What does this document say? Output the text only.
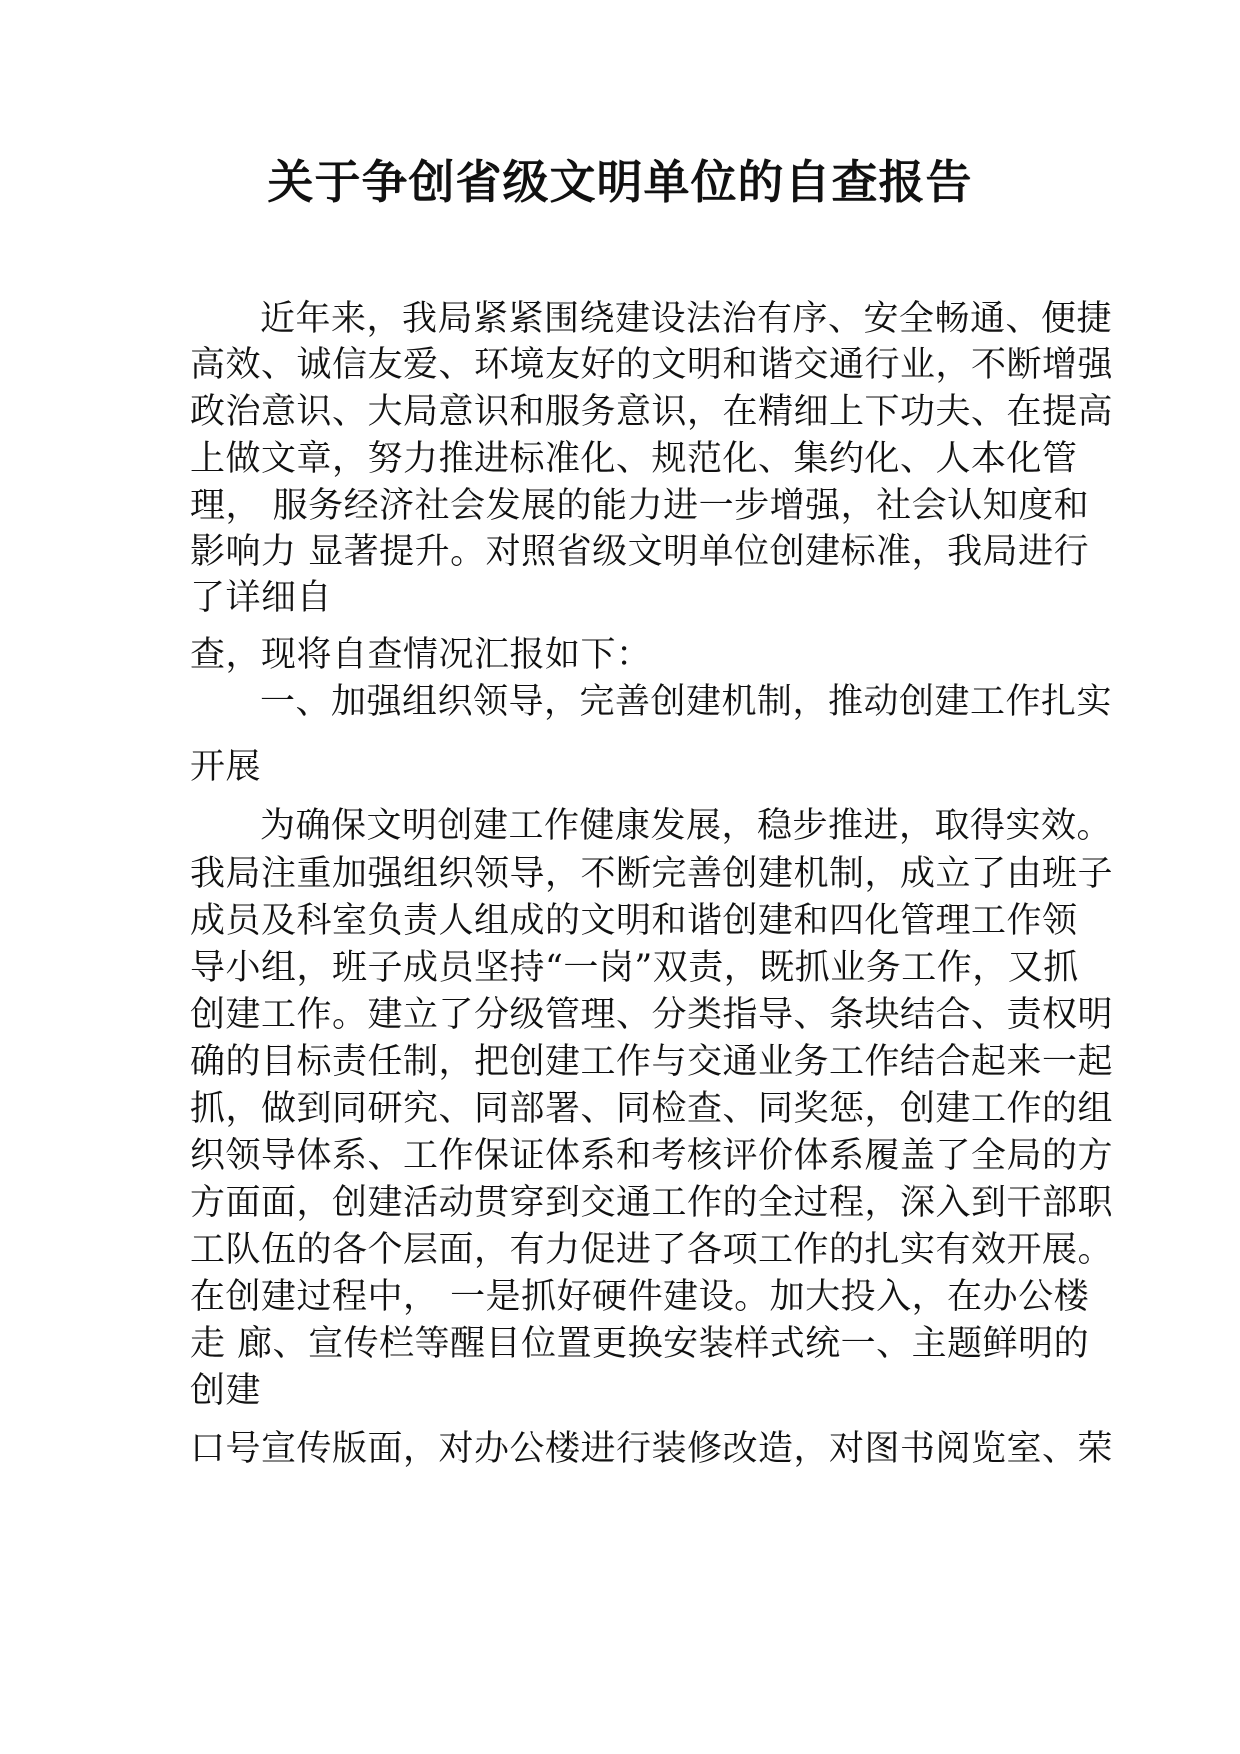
关于争创省级文明单位的自查报告

近年来，我局紧紧围绕建设法治有序、安全畅通、便捷

高效、诚信友爱、环境友好的文明和谐交通行业，不断增强

政治意识、大局意识和服务意识，在精细上下功夫、在提高

上做文章，努力推进标准化、规范化、集约化、人本化管

理， 服务经济社会发展的能力进一步增强，社会认知度和

影响力 显著提升。对照省级文明单位创建标准，我局进行

了详细自

查，现将自查情况汇报如下：

一、加强组织领导，完善创建机制，推动创建工作扎实

开展

为确保文明创建工作健康发展，稳步推进，取得实效。

我局注重加强组织领导，不断完善创建机制，成立了由班子

成员及科室负责人组成的文明和谐创建和四化管理工作领

导小组，班子成员坚持“一岗”双责，既抓业务工作，又抓

创建工作。建立了分级管理、分类指导、条块结合、责权明

确的目标责任制，把创建工作与交通业务工作结合起来一起

抓，做到同研究、同部署、同检查、同奖惩，创建工作的组

织领导体系、工作保证体系和考核评价体系履盖了全局的方

方面面，创建活动贯穿到交通工作的全过程，深入到干部职

工队伍的各个层面，有力促进了各项工作的扎实有效开展。

在创建过程中， 一是抓好硬件建设。加大投入，在办公楼

走 廊、宣传栏等醒目位置更换安装样式统一、主题鲜明的

创建

口号宣传版面，对办公楼进行装修改造，对图书阅览室、荣
